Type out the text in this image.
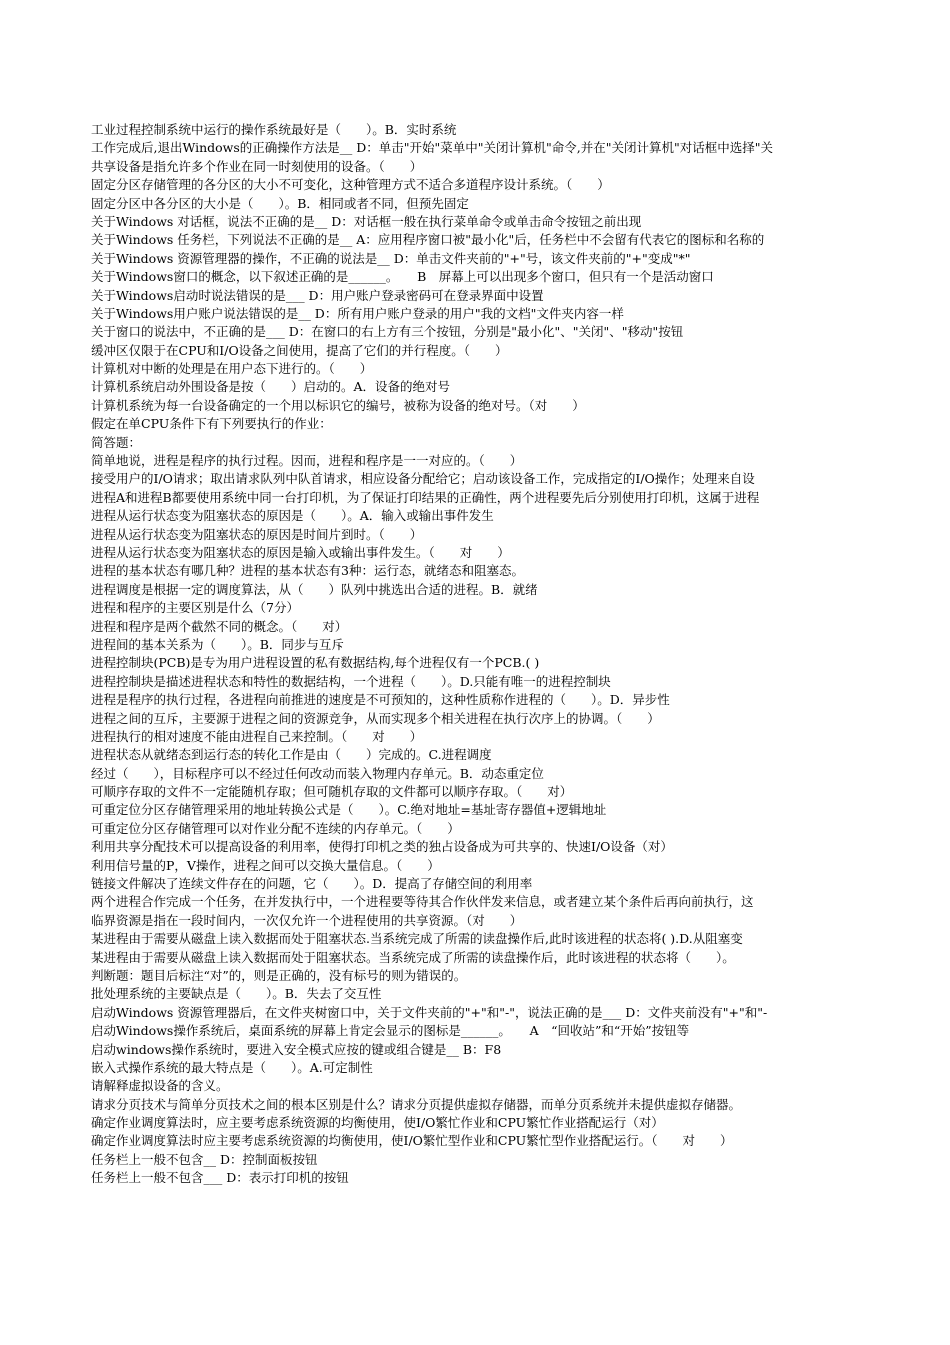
工业过程控制系统中运行的操作系统最好是（　　）。B．实时系统
工作完成后,退出Windows的正确操作方法是__ D：单击"开始"菜单中"关闭计算机"命令,并在"关闭计算机"对话框中选择"关
共享设备是指允许多个作业在同一时刻使用的设备。（　　）
固定分区存储管理的各分区的大小不可变化，这种管理方式不适合多道程序设计系统。（　　）
固定分区中各分区的大小是（　　）。B．相同或者不同，但预先固定
关于Windows 对话框，说法不正确的是__ D：对话框一般在执行菜单命令或单击命令按钮之前出现
关于Windows 任务栏，下列说法不正确的是__ A：应用程序窗口被"最小化"后，任务栏中不会留有代表它的图标和名称的
关于Windows 资源管理器的操作，不正确的说法是__ D：单击文件夹前的"+"号，该文件夹前的"+"变成"*"
关于Windows窗口的概念，以下叙述正确的是______。　　B　屏幕上可以出现多个窗口，但只有一个是活动窗口
关于Windows启动时说法错误的是___ D：用户账户登录密码可在登录界面中设置
关于Windows用户账户说法错误的是__ D：所有用户账户登录的用户"我的文档"文件夹内容一样
关于窗口的说法中，不正确的是___ D：在窗口的右上方有三个按钮，分别是"最小化"、"关闭"、"移动"按钮
缓冲区仅限于在CPU和I/O设备之间使用，提高了它们的并行程度。（　　）
计算机对中断的处理是在用户态下进行的。（　　）
计算机系统启动外围设备是按（　　）启动的。A．设备的绝对号
计算机系统为每一台设备确定的一个用以标识它的编号，被称为设备的绝对号。（对　　）
假定在单CPU条件下有下列要执行的作业：
简答题：
简单地说，进程是程序的执行过程。因而，进程和程序是一一对应的。（　　）
接受用户的I/O请求；取出请求队列中队首请求，相应设备分配给它；启动该设备工作，完成指定的I/O操作；处理来自设
进程A和进程B都要使用系统中同一台打印机，为了保证打印结果的正确性，两个进程要先后分别使用打印机，这属于进程
进程从运行状态变为阻塞状态的原因是（　　）。A．输入或输出事件发生
进程从运行状态变为阻塞状态的原因是时间片到时。（　　）
进程从运行状态变为阻塞状态的原因是输入或输出事件发生。（　　对　　）
进程的基本状态有哪几种？进程的基本状态有3种：运行态，就绪态和阻塞态。
进程调度是根据一定的调度算法，从（　　）队列中挑选出合适的进程。B．就绪
进程和程序的主要区别是什么（7分）
进程和程序是两个截然不同的概念。（　　对）
进程间的基本关系为（　　）。B．同步与互斥
进程控制块(PCB)是专为用户进程设置的私有数据结构,每个进程仅有一个PCB.( )
进程控制块是描述进程状态和特性的数据结构，一个进程（　　）。D.只能有唯一的进程控制块
进程是程序的执行过程，各进程向前推进的速度是不可预知的，这种性质称作进程的（　　）。D．异步性
进程之间的互斥，主要源于进程之间的资源竞争，从而实现多个相关进程在执行次序上的协调。（　　）
进程执行的相对速度不能由进程自己来控制。（　　对　　）
进程状态从就绪态到运行态的转化工作是由（　　）完成的。C.进程调度
经过（　　），目标程序可以不经过任何改动而装入物理内存单元。B．动态重定位
可顺序存取的文件不一定能随机存取；但可随机存取的文件都可以顺序存取。（　　对）
可重定位分区存储管理采用的地址转换公式是（　　）。C.绝对地址=基址寄存器值+逻辑地址
可重定位分区存储管理可以对作业分配不连续的内存单元。（　　）
利用共享分配技术可以提高设备的利用率，使得打印机之类的独占设备成为可共享的、快速I/O设备（对）
利用信号量的P，V操作，进程之间可以交换大量信息。（　　）
链接文件解决了连续文件存在的问题，它（　　）。D．提高了存储空间的利用率
两个进程合作完成一个任务，在并发执行中，一个进程要等待其合作伙伴发来信息，或者建立某个条件后再向前执行，这
临界资源是指在一段时间内，一次仅允许一个进程使用的共享资源。（对　　）
某进程由于需要从磁盘上读入数据而处于阻塞状态.当系统完成了所需的读盘操作后,此时该进程的状态将( ).D.从阻塞变
某进程由于需要从磁盘上读入数据而处于阻塞状态。当系统完成了所需的读盘操作后，此时该进程的状态将（　　）。
判断题：题目后标注“对”的，则是正确的，没有标号的则为错误的。
批处理系统的主要缺点是（　　）。B．失去了交互性
启动Windows 资源管理器后，在文件夹树窗口中，关于文件夹前的"+"和"-"，说法正确的是___ D：文件夹前没有"+"和"-
启动Windows操作系统后，桌面系统的屏幕上肯定会显示的图标是______。　　A　“回收站”和“开始”按钮等
启动windows操作系统时，要进入安全模式应按的键或组合键是__ B：F8
嵌入式操作系统的最大特点是（　　）。A.可定制性
请解释虚拟设备的含义。
请求分页技术与简单分页技术之间的根本区别是什么？请求分页提供虚拟存储器，而单分页系统并未提供虚拟存储器。
确定作业调度算法时，应主要考虑系统资源的均衡使用，使I/O繁忙作业和CPU繁忙作业搭配运行（对）
确定作业调度算法时应主要考虑系统资源的均衡使用，使I/O繁忙型作业和CPU繁忙型作业搭配运行。（　　对　　）
任务栏上一般不包含__ D：控制面板按钮
任务栏上一般不包含___ D：表示打印机的按钮
